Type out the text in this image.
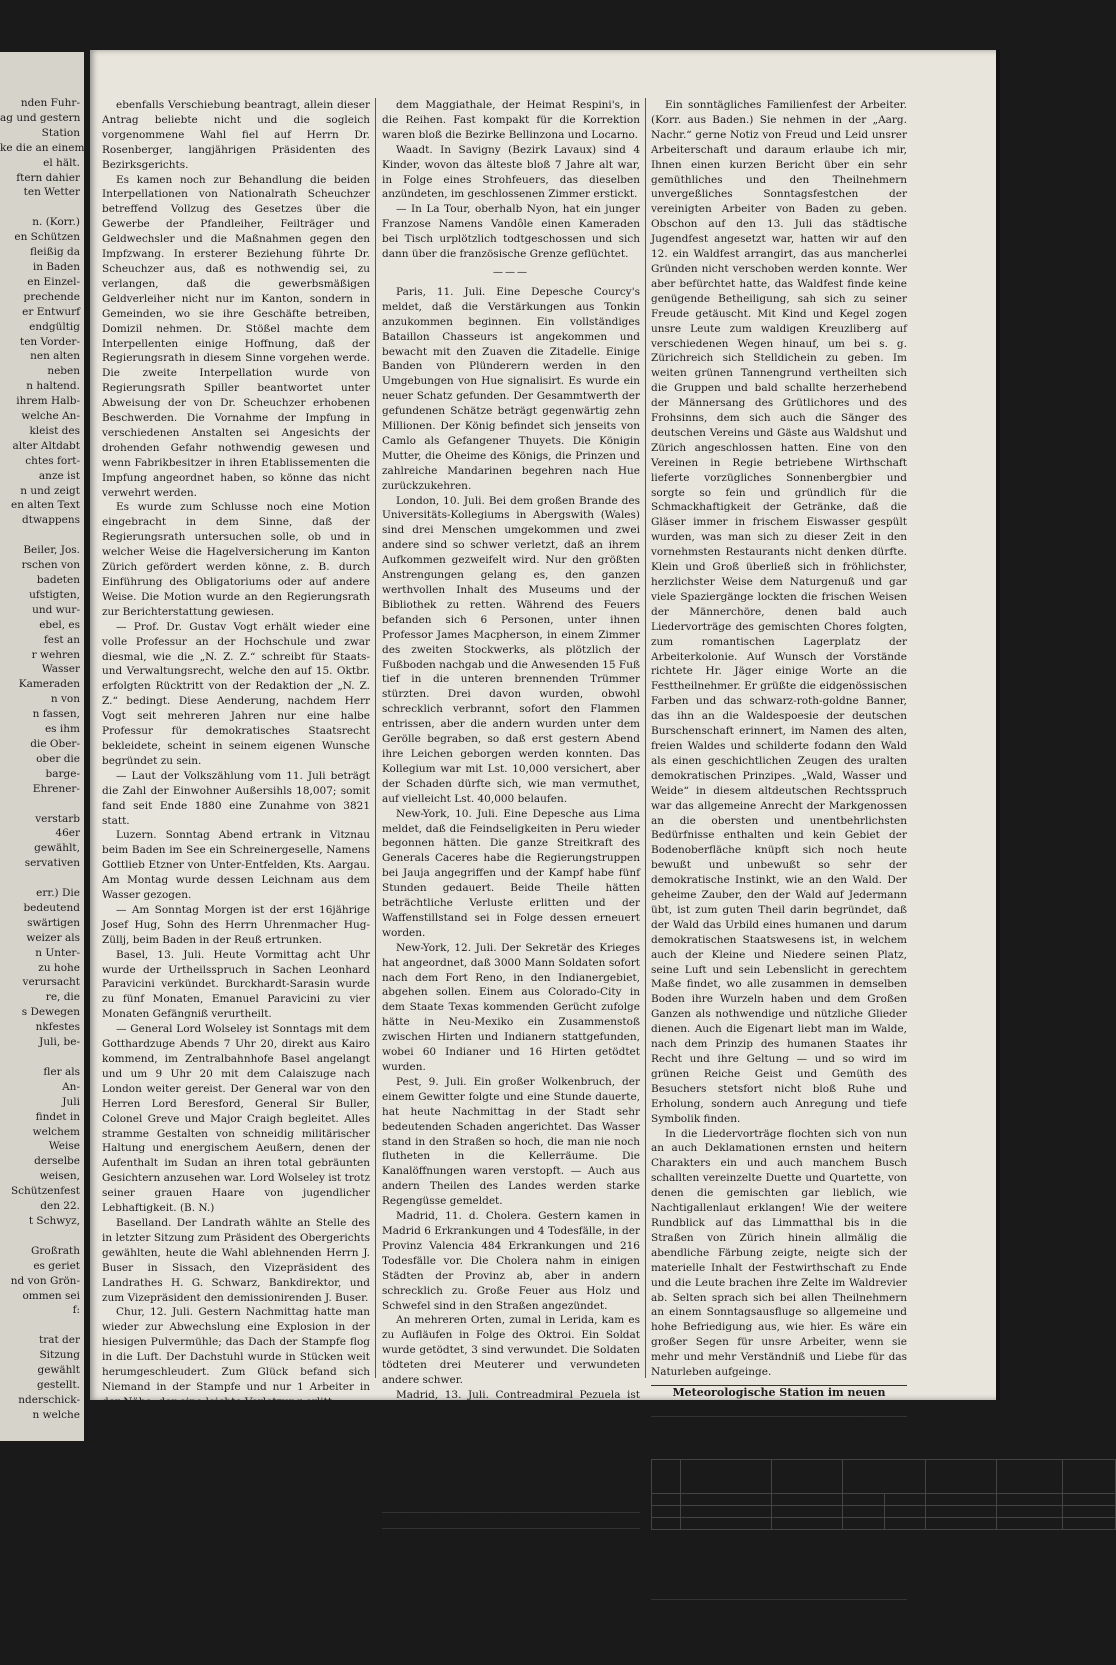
nden Fuhr-
ag und gestern
Station
ke die an einem
el hält.
ftern dahier
ten Wetter

n. (Korr.)
en Schützen
fleißig da
in Baden
en Einzel-
prechende
er Entwurf
endgültig
ten Vorder-
nen alten
neben
n haltend.
ihrem Halb-
welche An-
kleist des
alter Altdabt
chtes fort-
anze ist
n und zeigt
en alten Text
dtwappens

Beiler, Jos.
rschen von
badeten
ufstigten,
und wur-
ebel, es
fest an
r wehren
Wasser
Kameraden
n von
n fassen,
es ihm
die Ober-
ober die
barge-
Ehrener-

verstarb
46er
gewählt,
servativen

err.) Die
bedeutend
swärtigen
weizer als
n Unter-
zu hohe
verursacht
re, die
s Dewegen
nkfestes
Juli, be-

fler als
An-
Juli
findet in
welchem
Weise
derselbe
weisen,
Schützenfest
den 22.
t Schwyz,

Großrath
es geriet
nd von Grön-
ommen sei
f:

trat der
Sitzung
gewählt
gestellt.
nderschick-
n welche

ebenfalls Verschiebung beantragt, allein dieser Antrag beliebte nicht und die sogleich vorgenommene Wahl fiel auf Herrn Dr. Rosenberger, langjährigen Präsidenten des Bezirksgerichts.

Es kamen noch zur Behandlung die beiden Interpellationen von Nationalrath Scheuchzer betreffend Vollzug des Gesetzes über die Gewerbe der Pfandleiher, Feilträger und Geldwechsler und die Maßnahmen gegen den Impfzwang. In ersterer Beziehung führte Dr. Scheuchzer aus, daß es nothwendig sei, zu verlangen, daß die gewerbsmäßigen Geldverleiher nicht nur im Kanton, sondern in Gemeinden, wo sie ihre Geschäfte betreiben, Domizil nehmen. Dr. Stößel machte dem Interpellenten einige Hoffnung, daß der Regierungsrath in diesem Sinne vorgehen werde. Die zweite Interpellation wurde von Regierungsrath Spiller beantwortet unter Abweisung der von Dr. Scheuchzer erhobenen Beschwerden. Die Vornahme der Impfung in verschiedenen Anstalten sei Angesichts der drohenden Gefahr nothwendig gewesen und wenn Fabrikbesitzer in ihren Etablissementen die Impfung angeordnet haben, so könne das nicht verwehrt werden.

Es wurde zum Schlusse noch eine Motion eingebracht in dem Sinne, daß der Regierungsrath untersuchen solle, ob und in welcher Weise die Hagelversicherung im Kanton Zürich gefördert werden könne, z. B. durch Einführung des Obligatoriums oder auf andere Weise. Die Motion wurde an den Regierungsrath zur Berichterstattung gewiesen.

— Prof. Dr. Gustav Vogt erhält wieder eine volle Professur an der Hochschule und zwar diesmal, wie die „N. Z. Z.“ schreibt für Staats- und Verwaltungsrecht, welche den auf 15. Oktbr. erfolgten Rücktritt von der Redaktion der „N. Z. Z.“ bedingt. Diese Aenderung, nachdem Herr Vogt seit mehreren Jahren nur eine halbe Professur für demokratisches Staatsrecht bekleidete, scheint in seinem eigenen Wunsche begründet zu sein.

— Laut der Volkszählung vom 11. Juli beträgt die Zahl der Einwohner Außersihls 18,007; somit fand seit Ende 1880 eine Zunahme von 3821 statt.

Luzern. Sonntag Abend ertrank in Vitznau beim Baden im See ein Schreinergeselle, Namens Gottlieb Etzner von Unter-Entfelden, Kts. Aargau. Am Montag wurde dessen Leichnam aus dem Wasser gezogen.

— Am Sonntag Morgen ist der erst 16jährige Josef Hug, Sohn des Herrn Uhrenmacher Hug-Züllj, beim Baden in der Reuß ertrunken.

Basel, 13. Juli. Heute Vormittag acht Uhr wurde der Urtheilsspruch in Sachen Leonhard Paravicini verkündet. Burckhardt-Sarasin wurde zu fünf Monaten, Emanuel Paravicini zu vier Monaten Gefängniß verurtheilt.

— General Lord Wolseley ist Sonntags mit dem Gotthardzuge Abends 7 Uhr 20, direkt aus Kairo kommend, im Zentralbahnhofe Basel angelangt und um 9 Uhr 20 mit dem Calaiszuge nach London weiter gereist. Der General war von den Herren Lord Beresford, General Sir Buller, Colonel Greve und Major Craigh begleitet. Alles stramme Gestalten von schneidig militärischer Haltung und energischem Aeußern, denen der Aufenthalt im Sudan an ihren total gebräunten Gesichtern anzusehen war. Lord Wolseley ist trotz seiner grauen Haare von jugendlicher Lebhaftigkeit. (B. N.)

Baselland. Der Landrath wählte an Stelle des in letzter Sitzung zum Präsident des Obergerichts gewählten, heute die Wahl ablehnenden Herrn J. Buser in Sissach, den Vizepräsident des Landrathes H. G. Schwarz, Bankdirektor, und zum Vizepräsident den demissionirenden J. Buser.

Chur, 12. Juli. Gestern Nachmittag hatte man wieder zur Abwechslung eine Explosion in der hiesigen Pulvermühle; das Dach der Stampfe flog in die Luft. Der Dachstuhl wurde in Stücken weit herumgeschleudert. Zum Glück befand sich Niemand in der Stampfe und nur 1 Arbeiter in der Nähe, der eine leichte Verletzung erlitt.

Bellinzona, 12. Juli. Mit großer Mehrheit ist das Spezialgesetz betreffend die Tessinkorrektion in der heutigen Volksabstimmung verworfen worden.

Bellinzona, 13. Juli. Die Gegner des Spezialgesetzes betreffend Eindämmung des Tessin fiebern überall den mit ca. 3600 Stimmen Mehr errungenen Sieg. Neben den beinahe einstimmigen Bezirken Mendrisio und Lugano stellten sich auch sehr zahlreiche Minoritäten aus den Thälern Leventina, Blenio und Riviera ein, selbst aus

dem Maggiathale, der Heimat Respini's, in die Reihen. Fast kompakt für die Korrektion waren bloß die Bezirke Bellinzona und Locarno.

Waadt. In Savigny (Bezirk Lavaux) sind 4 Kinder, wovon das älteste bloß 7 Jahre alt war, in Folge eines Strohfeuers, das dieselben anzündeten, im geschlossenen Zimmer erstickt.

— In La Tour, oberhalb Nyon, hat ein junger Franzose Namens Vandôle einen Kameraden bei Tisch urplötzlich todtgeschossen und sich dann über die französische Grenze geflüchtet.

———

Paris, 11. Juli. Eine Depesche Courcy's meldet, daß die Verstärkungen aus Tonkin anzukommen beginnen. Ein vollständiges Bataillon Chasseurs ist angekommen und bewacht mit den Zuaven die Zitadelle. Einige Banden von Plünderern werden in den Umgebungen von Hue signalisirt. Es wurde ein neuer Schatz gefunden. Der Gesammtwerth der gefundenen Schätze beträgt gegenwärtig zehn Millionen. Der König befindet sich jenseits von Camlo als Gefangener Thuyets. Die Königin Mutter, die Oheime des Königs, die Prinzen und zahlreiche Mandarinen begehren nach Hue zurückzukehren.

London, 10. Juli. Bei dem großen Brande des Universitäts-Kollegiums in Abergswith (Wales) sind drei Menschen umgekommen und zwei andere sind so schwer verletzt, daß an ihrem Aufkommen gezweifelt wird. Nur den größten Anstrengungen gelang es, den ganzen werthvollen Inhalt des Museums und der Bibliothek zu retten. Während des Feuers befanden sich 6 Personen, unter ihnen Professor James Macpherson, in einem Zimmer des zweiten Stockwerks, als plötzlich der Fußboden nachgab und die Anwesenden 15 Fuß tief in die unteren brennenden Trümmer stürzten. Drei davon wurden, obwohl schrecklich verbrannt, sofort den Flammen entrissen, aber die andern wurden unter dem Gerölle begraben, so daß erst gestern Abend ihre Leichen geborgen werden konnten. Das Kollegium war mit Lst. 10,000 versichert, aber der Schaden dürfte sich, wie man vermuthet, auf vielleicht Lst. 40,000 belaufen.

New-York, 10. Juli. Eine Depesche aus Lima meldet, daß die Feindseligkeiten in Peru wieder begonnen hätten. Die ganze Streitkraft des Generals Caceres habe die Regierungstruppen bei Jauja angegriffen und der Kampf habe fünf Stunden gedauert. Beide Theile hätten beträchtliche Verluste erlitten und der Waffenstillstand sei in Folge dessen erneuert worden.

New-York, 12. Juli. Der Sekretär des Krieges hat angeordnet, daß 3000 Mann Soldaten sofort nach dem Fort Reno, in den Indianergebiet, abgehen sollen. Einem aus Colorado-City in dem Staate Texas kommenden Gerücht zufolge hätte in Neu-Mexiko ein Zusammenstoß zwischen Hirten und Indianern stattgefunden, wobei 60 Indianer und 16 Hirten getödtet wurden.

Pest, 9. Juli. Ein großer Wolkenbruch, der einem Gewitter folgte und eine Stunde dauerte, hat heute Nachmittag in der Stadt sehr bedeutenden Schaden angerichtet. Das Wasser stand in den Straßen so hoch, die man nie noch flutheten in die Kellerräume. Die Kanalöffnungen waren verstopft. — Auch aus andern Theilen des Landes werden starke Regengüsse gemeldet.

Madrid, 11. d. Cholera. Gestern kamen in Madrid 6 Erkrankungen und 4 Todesfälle, in der Provinz Valencia 484 Erkrankungen und 216 Todesfälle vor. Die Cholera nahm in einigen Städten der Provinz ab, aber in andern schrecklich zu. Große Feuer aus Holz und Schwefel sind in den Straßen angezündet.

An mehreren Orten, zumal in Lerida, kam es zu Aufläufen in Folge des Oktroi. Ein Soldat wurde getödtet, 3 sind verwundet. Die Soldaten tödteten drei Meuterer und verwundeten andere schwer.

Madrid, 13. Juli. Contreadmiral Pezuela ist zum Marineminister und General Villaverde, der Civilgouverneur von Madrid, zum Minister des Innern ernannt worden. — Gestern sind in Spanien an der Cholera 1197 Erkrankungen und 588 Todesfälle vorgekommen, von letzteren 6 in Madrid, 109 in der Provinz Murcia und 296 in der Provinz Valencia.

Ausschreibungen erledigter eidg. Stellen.

Infolge Todesfall ist die Stelle eines Sekretärs des Oberinstruktors der Artillerie mit einer Jahresbesoldung von im Maximum 2800 Fr. neu zu besetzen. Bewerber um diese Stelle haben ihre Anmeldung bis zum 20. d. dem eidgenössischen Militärdepartement einzureichen.

———
Aarwärme vom 12. Juli 1885.
Morgens: 16, Mittags: 17¹/₄, Abends: 17¹/₂° R.

Ein sonntägliches Familienfest der Arbeiter. (Korr. aus Baden.) Sie nehmen in der „Aarg. Nachr.“ gerne Notiz von Freud und Leid unsrer Arbeiterschaft und daraum erlaube ich mir, Ihnen einen kurzen Bericht über ein sehr gemüthliches und den Theilnehmern unvergeßliches Sonntagsfestchen der vereinigten Arbeiter von Baden zu geben. Obschon auf den 13. Juli das städtische Jugendfest angesetzt war, hatten wir auf den 12. ein Waldfest arrangirt, das aus mancherlei Gründen nicht verschoben werden konnte. Wer aber befürchtet hatte, das Waldfest finde keine genügende Betheiligung, sah sich zu seiner Freude getäuscht. Mit Kind und Kegel zogen unsre Leute zum waldigen Kreuzliberg auf verschiedenen Wegen hinauf, um bei s. g. Zürichreich sich Stelldichein zu geben. Im weiten grünen Tannengrund vertheilten sich die Gruppen und bald schallte herzerhebend der Männersang des Grütlichores und des Frohsinns, dem sich auch die Sänger des deutschen Vereins und Gäste aus Waldshut und Zürich angeschlossen hatten. Eine von den Vereinen in Regie betriebene Wirthschaft lieferte vorzügliches Sonnenbergbier und sorgte so fein und gründlich für die Schmackhaftigkeit der Getränke, daß die Gläser immer in frischem Eiswasser gespült wurden, was man sich zu dieser Zeit in den vornehmsten Restaurants nicht denken dürfte. Klein und Groß überließ sich in fröhlichster, herzlichster Weise dem Naturgenuß und gar viele Spaziergänge lockten die frischen Weisen der Männerchöre, denen bald auch Liedervorträge des gemischten Chores folgten, zum romantischen Lagerplatz der Arbeiterkolonie. Auf Wunsch der Vorstände richtete Hr. Jäger einige Worte an die Festtheilnehmer. Er grüßte die eidgenössischen Farben und das schwarz-roth-goldne Banner, das ihn an die Waldespoesie der deutschen Burschenschaft erinnert, im Namen des alten, freien Waldes und schilderte fodann den Wald als einen geschichtlichen Zeugen des uralten demokratischen Prinzipes. „Wald, Wasser und Weide“ in diesem altdeutschen Rechtsspruch war das allgemeine Anrecht der Markgenossen an die obersten und unentbehrlichsten Bedürfnisse enthalten und kein Gebiet der Bodenoberfläche knüpft sich noch heute bewußt und unbewußt so sehr der demokratische Instinkt, wie an den Wald. Der geheime Zauber, den der Wald auf Jedermann übt, ist zum guten Theil darin begründet, daß der Wald das Urbild eines humanen und darum demokratischen Staatswesens ist, in welchem auch der Kleine und Niedere seinen Platz, seine Luft und sein Lebenslicht in gerechtem Maße findet, wo alle zusammen in demselben Boden ihre Wurzeln haben und dem Großen Ganzen als nothwendige und nützliche Glieder dienen. Auch die Eigenart liebt man im Walde, nach dem Prinzip des humanen Staates ihr Recht und ihre Geltung — und so wird im grünen Reiche Geist und Gemüth des Besuchers stetsfort nicht bloß Ruhe und Erholung, sondern auch Anregung und tiefe Symbolik finden.

In die Liedervorträge flochten sich von nun an auch Deklamationen ernsten und heitern Charakters ein und auch manchem Busch schallten vereinzelte Duette und Quartette, von denen die gemischten gar lieblich, wie Nachtigallenlaut erklangen! Wie der weitere Rundblick auf das Limmatthal bis in die Straßen von Zürich hinein allmälig die abendliche Färbung zeigte, neigte sich der materielle Inhalt der Festwirthschaft zu Ende und die Leute brachen ihre Zelte im Waldrevier ab. Selten sprach sich bei allen Theilnehmern an einem Sonntagsausfluge so allgemeine und hohe Befriedigung aus, wie hier. Es wäre ein großer Segen für unsre Arbeiter, wenn sie mehr und mehr Verständniß und Liebe für das Naturleben aufgeinge.

Meteorologische Station im neuen Quartier zu Aarau.
Meereshöhe des Beobachtungsortes 397,6 m.
Mittlerer Barometerstand 727,8 mm. —Mittlere Jahrestemperatur + 8,2° Cels.
1885 Juli	Beobachtungszeit	Thermometer	Barometerstand i. mm. Abgel. *Reduz.		Windrichtung und Stärke	Relative Feuchtigkeit	Witterung
13.	Mittags.11.	+24,4	730,5	762,3	NW¹/₂	38	l.bwlkt
13.	Abends 9	+21,7	734,8	763,4	SE₀	80	s.bwlkt
14.	Morg. 7	+19,6	731,7	763,7	SW₀	57	l.bwlkt
Maximum u. Minimum Thermometer seit 24 Stunden.
Beobachtung um 7 Uhr früh: Maximum + 24,9° C.
Minimum + 16,7° C.
Niederschlag. Gemessen 7 Uhr früh: 0,4 mm.
Pariser Observatorium vom 13. Juli 1885.
Muthmaßliche Witterung: Veränderlicher Wind schön; Gewitter; Temperatur wie bisher.
Zürcher Witterungsaussichten für den 14. Juli.
Leicht bewölkt, warm, gewitterhaft.
